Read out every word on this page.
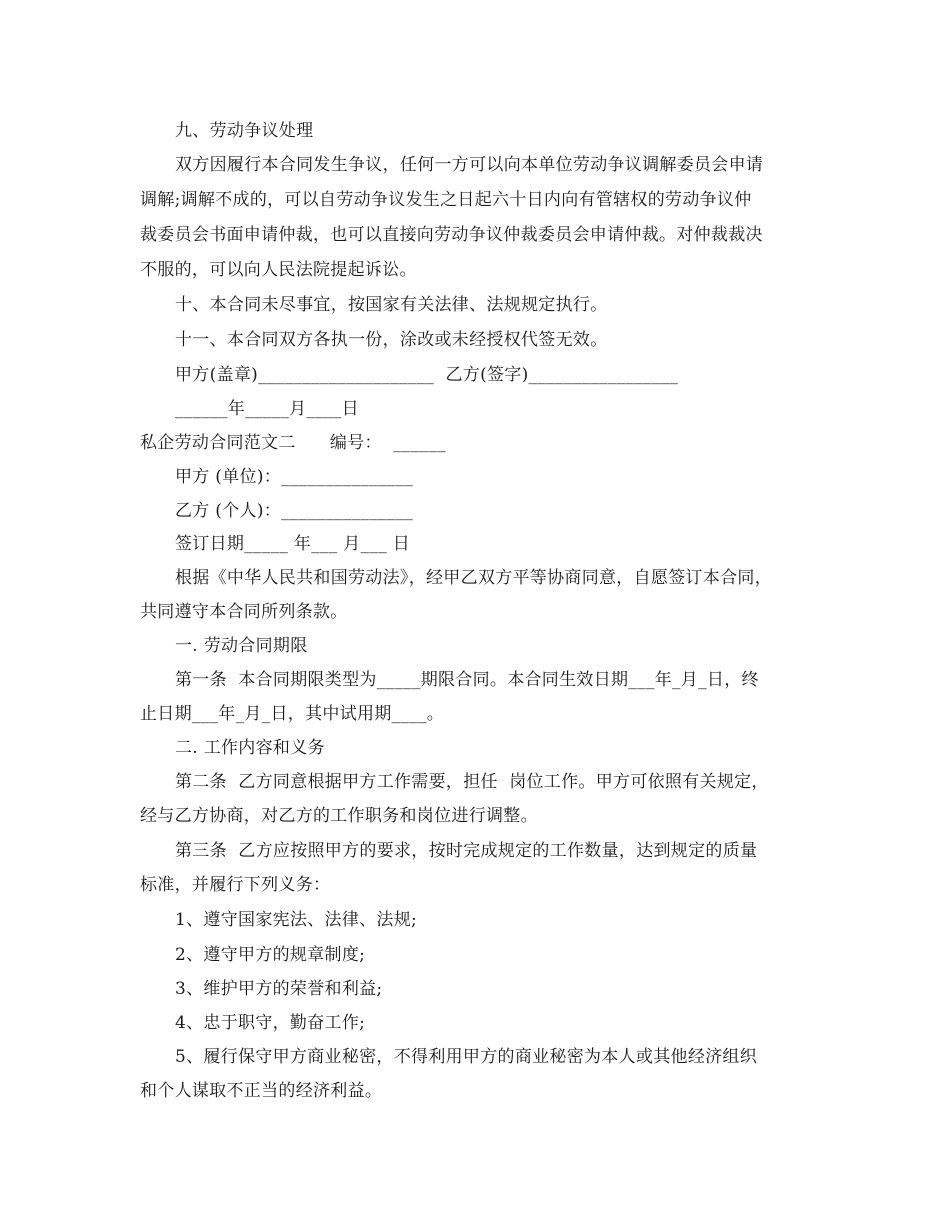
九、劳动争议处理
双方因履行本合同发生争议，任何一方可以向本单位劳动争议调解委员会申请
调解;调解不成的，可以自劳动争议发生之日起六十日内向有管辖权的劳动争议仲
裁委员会书面申请仲裁，也可以直接向劳动争议仲裁委员会申请仲裁。对仲裁裁决
不服的，可以向人民法院提起诉讼。
十、本合同未尽事宜，按国家有关法律、法规规定执行。
十一、本合同双方各执一份，涂改或未经授权代签无效。
甲方(盖章)____________________  乙方(签字)_________________
______年_____月____日
私企劳动合同范文二      编号：  ______
甲方 (单位)：_______________
乙方 (个人)：_______________
签订日期_____ 年___ 月___ 日
根据《中华人民共和国劳动法》，经甲乙双方平等协商同意，自愿签订本合同，
共同遵守本合同所列条款。
一. 劳动合同期限
第一条  本合同期限类型为_____期限合同。本合同生效日期___年_月_日，终
止日期___年_月_日，其中试用期____。
二. 工作内容和义务
第二条  乙方同意根据甲方工作需要，担任  岗位工作。甲方可依照有关规定，
经与乙方协商，对乙方的工作职务和岗位进行调整。
第三条  乙方应按照甲方的要求，按时完成规定的工作数量，达到规定的质量
标准，并履行下列义务：
1、遵守国家宪法、法律、法规;
2、遵守甲方的规章制度;
3、维护甲方的荣誉和利益;
4、忠于职守，勤奋工作;
5、履行保守甲方商业秘密，不得利用甲方的商业秘密为本人或其他经济组织
和个人谋取不正当的经济利益。
